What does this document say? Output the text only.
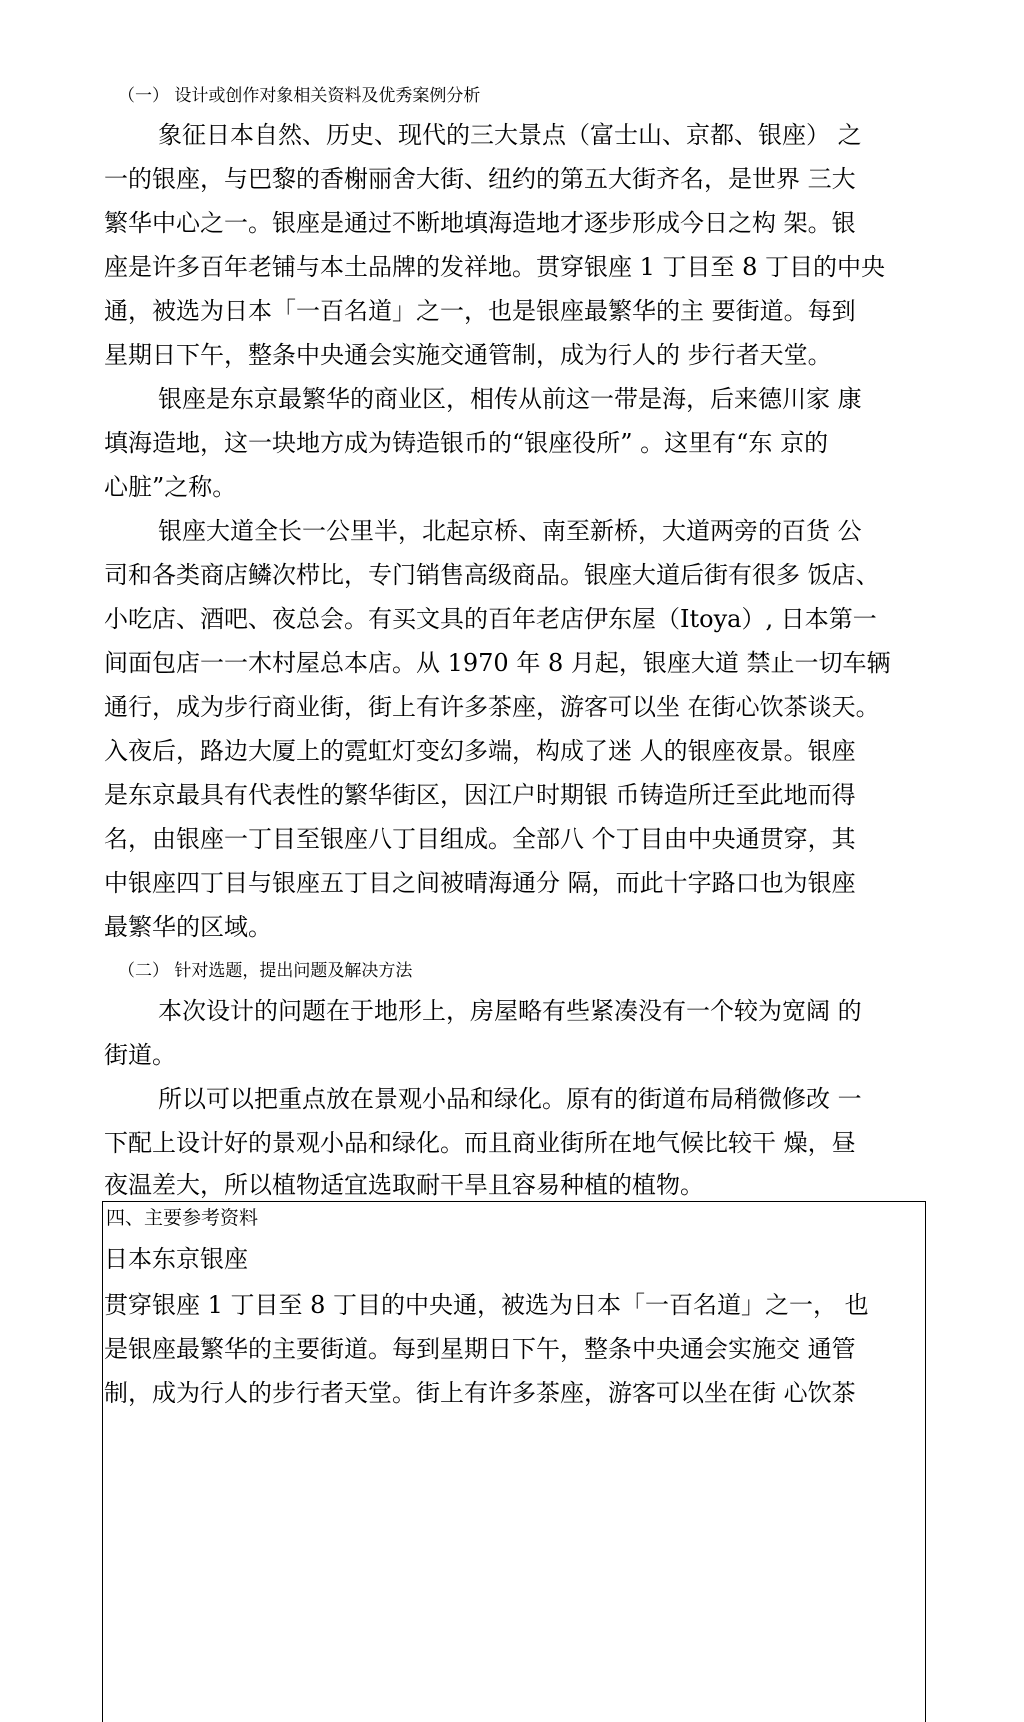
（一） 设计或创作对象相关资料及优秀案例分析
象征日本自然、历史、现代的三大景点（富士山、京都、银座） 之
一的银座，与巴黎的香榭丽舍大街、纽约的第五大街齐名，是世界 三大
繁华中心之一。银座是通过不断地填海造地才逐步形成今日之构 架。银
座是许多百年老铺与本土品牌的发祥地。贯穿银座 1 丁目至 8 丁目的中央
通，被选为日本「一百名道」之一，也是银座最繁华的主 要街道。每到
星期日下午，整条中央通会实施交通管制，成为行人的 步行者天堂。
银座是东京最繁华的商业区，相传从前这一带是海，后来德川家 康
填海造地，这一块地方成为铸造银币的“银座役所” 。这里有“东 京的
心脏”之称。
银座大道全长一公里半，北起京桥、南至新桥，大道两旁的百货 公
司和各类商店鳞次栉比，专门销售高级商品。银座大道后街有很多 饭店、
小吃店、酒吧、夜总会。有买文具的百年老店伊东屋（Itoya）, 日本第一
间面包店一一木村屋总本店。从 1970 年 8 月起，银座大道 禁止一切车辆
通行，成为步行商业街，街上有许多茶座，游客可以坐 在街心饮茶谈天。
入夜后，路边大厦上的霓虹灯变幻多端，构成了迷 人的银座夜景。银座
是东京最具有代表性的繁华街区，因江户时期银 币铸造所迁至此地而得
名，由银座一丁目至银座八丁目组成。全部八 个丁目由中央通贯穿，其
中银座四丁目与银座五丁目之间被晴海通分 隔，而此十字路口也为银座
最繁华的区域。
（二） 针对选题，提出问题及解决方法
本次设计的问题在于地形上，房屋略有些紧凑没有一个较为宽阔 的
街道。
所以可以把重点放在景观小品和绿化。原有的街道布局稍微修改 一
下配上设计好的景观小品和绿化。而且商业街所在地气候比较干 燥，昼
夜温差大，所以植物适宜选取耐干旱且容易种植的植物。
四、主要参考资料
日本东京银座
贯穿银座 1 丁目至 8 丁目的中央通，被选为日本「一百名道」之一， 也
是银座最繁华的主要街道。每到星期日下午，整条中央通会实施交 通管
制，成为行人的步行者天堂。街上有许多茶座，游客可以坐在街 心饮茶
